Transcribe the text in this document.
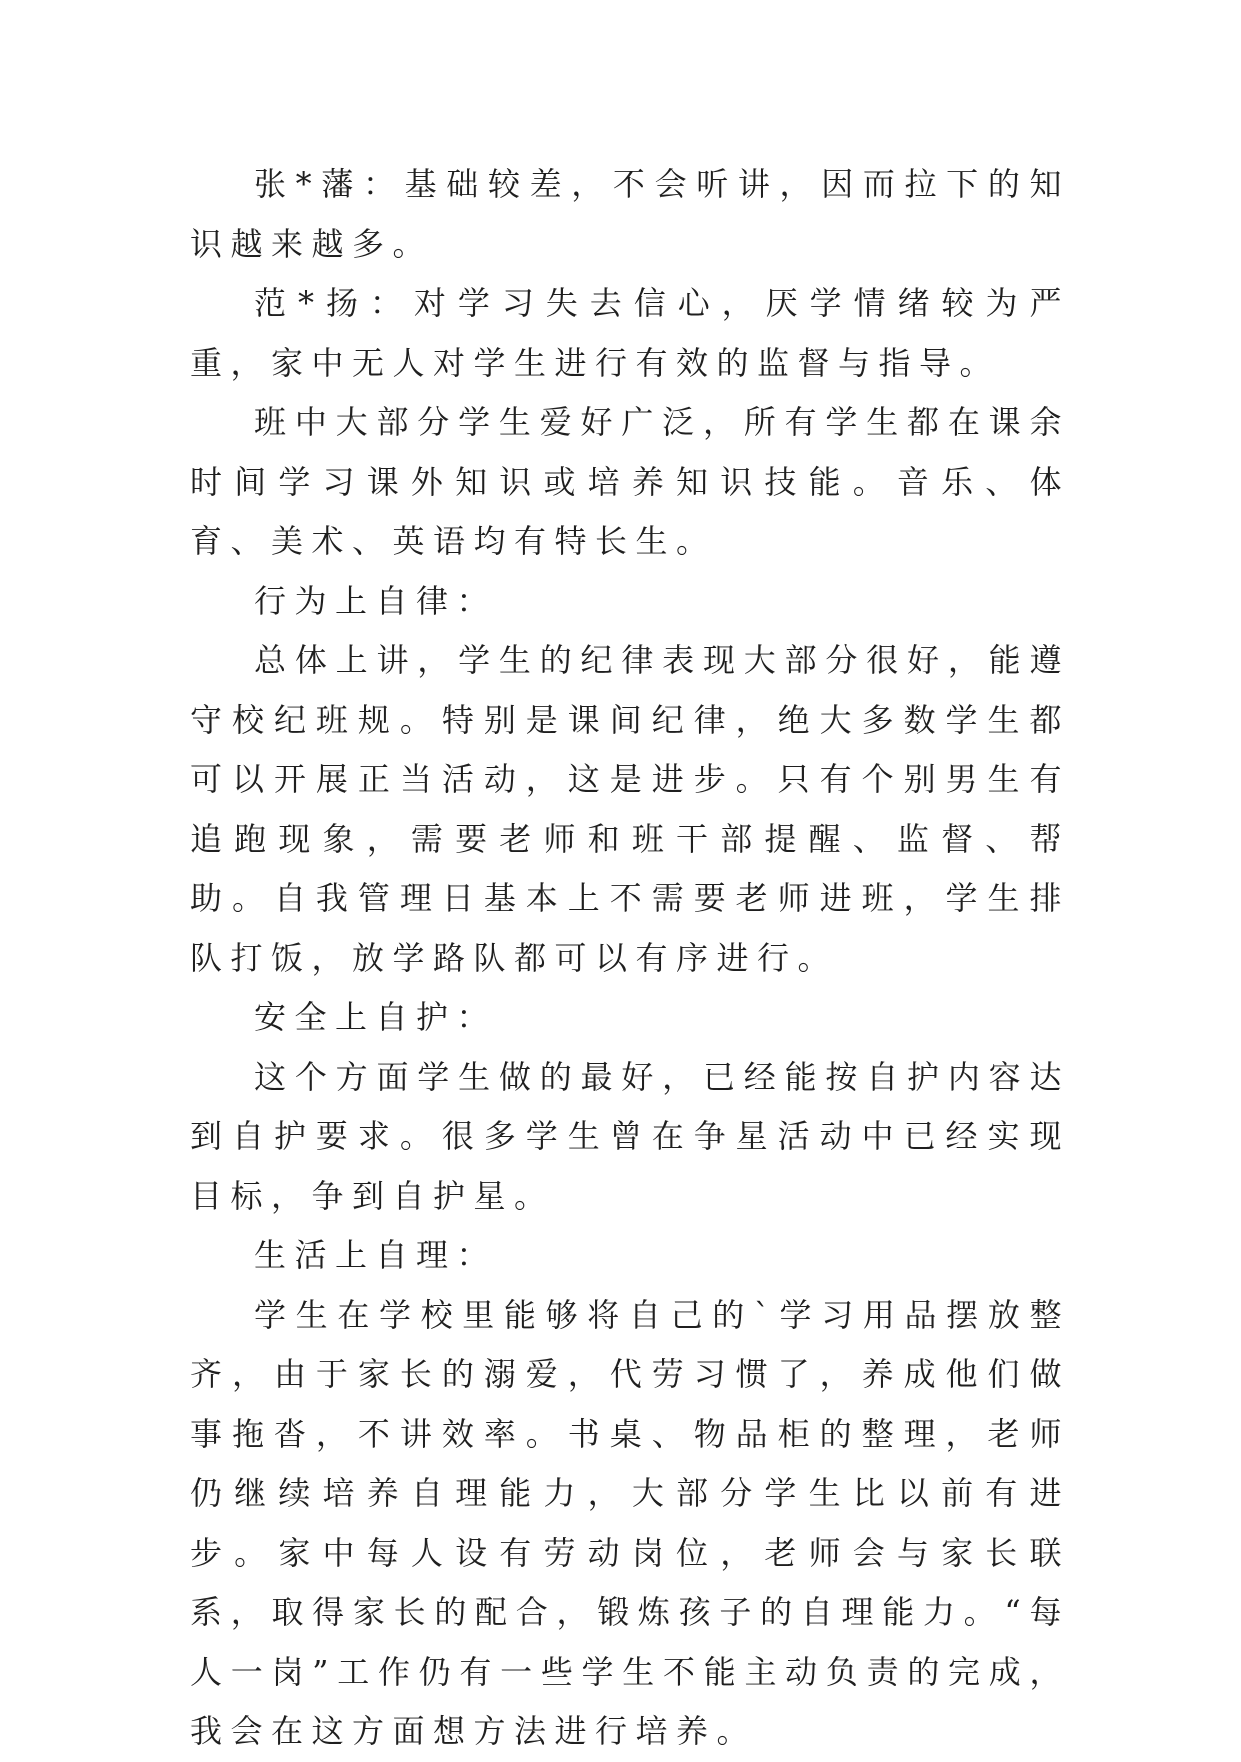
张*藩：基础较差，不会听讲，因而拉下的知识越来越多。

范*扬：对学习失去信心，厌学情绪较为严重，家中无人对学生进行有效的监督与指导。

班中大部分学生爱好广泛，所有学生都在课余时间学习课外知识或培养知识技能。音乐、体育、美术、英语均有特长生。

行为上自律：

总体上讲，学生的纪律表现大部分很好，能遵守校纪班规。特别是课间纪律，绝大多数学生都可以开展正当活动，这是进步。只有个别男生有追跑现象，需要老师和班干部提醒、监督、帮助。自我管理日基本上不需要老师进班，学生排队打饭，放学路队都可以有序进行。

安全上自护：

这个方面学生做的最好，已经能按自护内容达到自护要求。很多学生曾在争星活动中已经实现目标，争到自护星。

生活上自理：

学生在学校里能够将自己的`学习用品摆放整齐，由于家长的溺爱，代劳习惯了，养成他们做事拖沓，不讲效率。书桌、物品柜的整理，老师仍继续培养自理能力，大部分学生比以前有进步。家中每人设有劳动岗位，老师会与家长联系，取得家长的配合，锻炼孩子的自理能力。“每人一岗”工作仍有一些学生不能主动负责的完成，我会在这方面想方法进行培养。
